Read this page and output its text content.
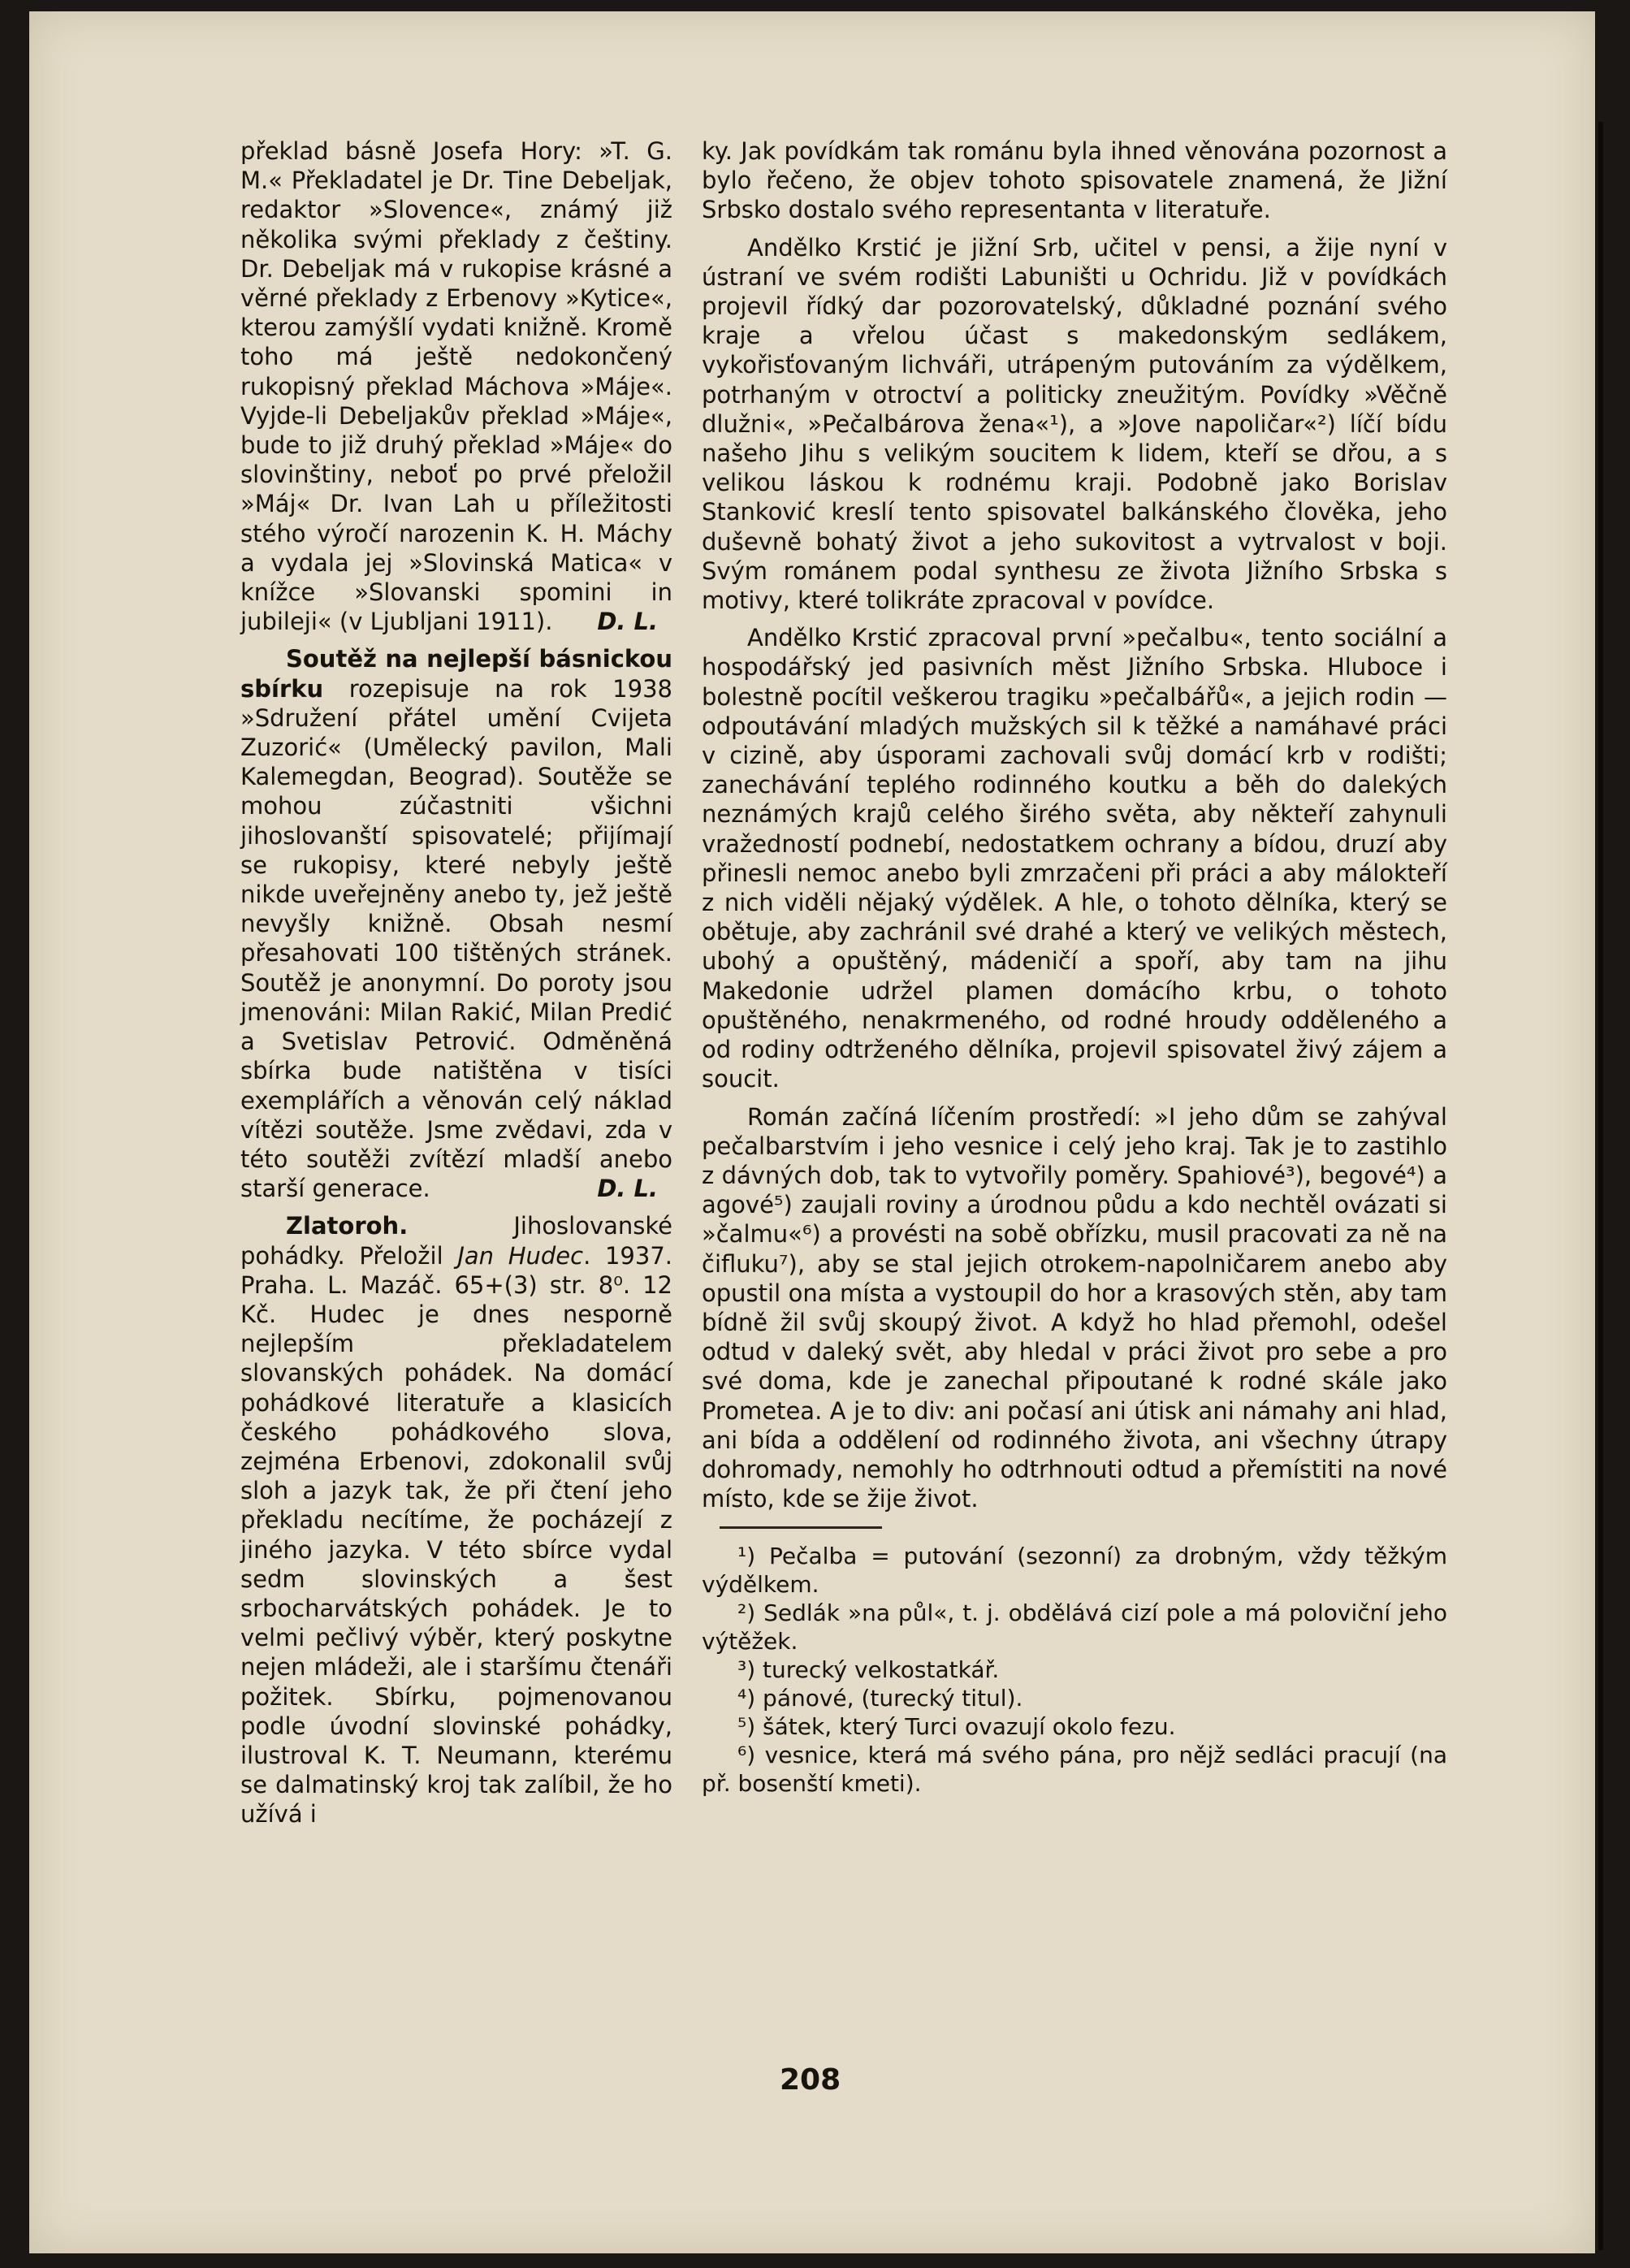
překlad básně Josefa Hory: »T. G. M.« Překladatel je Dr. Tine Debeljak, redaktor »Slovence«, známý již několika svými překlady z češtiny. Dr. Debeljak má v rukopise krásné a věrné překlady z Erbenovy »Kytice«, kterou zamýšlí vydati knižně. Kromě toho má ještě nedokončený rukopisný překlad Máchova »Máje«. Vyjde-li Debeljakův překlad »Máje«, bude to již druhý překlad »Máje« do slovinštiny, neboť po prvé přeložil »Máj« Dr. Ivan Lah u příležitosti stého výročí narozenin K. H. Máchy a vydala jej »Slovinská Matica« v knížce »Slovanski spomini in jubileji« (v Ljubljani 1911). D. L.

Soutěž na nejlepší básnickou sbírku rozepisuje na rok 1938 »Sdružení přátel umění Cvijeta Zuzorić« (Umělecký pavilon, Mali Kalemegdan, Beograd). Soutěže se mohou zúčastniti všichni jihoslovanští spisovatelé; přijímají se rukopisy, které nebyly ještě nikde uveřejněny anebo ty, jež ještě nevyšly knižně. Obsah nesmí přesahovati 100 tištěných stránek. Soutěž je anonymní. Do poroty jsou jmenováni: Milan Rakić, Milan Predić a Svetislav Petrović. Odměněná sbírka bude natištěna v tisíci exemplářích a věnován celý náklad vítězi soutěže. Jsme zvědavi, zda v této soutěži zvítězí mladší anebo starší generace.	D. L.

Zlatoroh. Jihoslovanské pohádky. Přeložil Jan Hudec. 1937. Praha. L. Mazáč. 65+(3) str. 8⁰. 12 Kč. Hudec je dnes nesporně nejlepším překladatelem slovanských pohádek. Na domácí pohádkové literatuře a klasicích českého pohádkového slova, zejména Erbenovi, zdokonalil svůj sloh a jazyk tak, že při čtení jeho překladu necítíme, že pocházejí z jiného jazyka. V této sbírce vydal sedm slovinských a šest srbocharvátských pohádek. Je to velmi pečlivý výběr, který poskytne nejen mládeži, ale i staršímu čtenáři požitek. Sbírku, pojmenovanou podle úvodní slovinské pohádky, ilustroval K. T. Neumann, kterému se dalmatinský kroj tak zalíbil, že ho užívá i

ky. Jak povídkám tak románu byla ihned věnována pozornost a bylo řečeno, že objev tohoto spisovatele znamená, že Jižní Srbsko dostalo svého representanta v literatuře.

Andělko Krstić je jižní Srb, učitel v pensi, a žije nyní v ústraní ve svém rodišti Labuništi u Ochridu. Již v povídkách projevil řídký dar pozorovatelský, důkladné poznání svého kraje a vřelou účast s makedonským sedlákem, vykořisťovaným lichváři, utrápeným putováním za výdělkem, potrhaným v otroctví a politicky zneužitým. Povídky »Věčně dlužni«, »Pečalbárova žena«¹), a »Jove napoličar«²) líčí bídu našeho Jihu s velikým soucitem k lidem, kteří se dřou, a s velikou láskou k rodnému kraji. Podobně jako Borislav Stanković kreslí tento spisovatel balkánského člověka, jeho duševně bohatý život a jeho sukovitost a vytrvalost v boji. Svým románem podal synthesu ze života Jižního Srbska s motivy, které tolikráte zpracoval v povídce.

Andělko Krstić zpracoval první »pečalbu«, tento sociální a hospodářský jed pasivních měst Jižního Srbska. Hluboce i bolestně pocítil veškerou tragiku »pečalbářů«, a jejich rodin — odpoutávání mladých mužských sil k těžké a namáhavé práci v cizině, aby úsporami zachovali svůj domácí krb v rodišti; zanechávání teplého rodinného koutku a běh do dalekých neznámých krajů celého širého světa, aby někteří zahynuli vražedností podnebí, nedostatkem ochrany a bídou, druzí aby přinesli nemoc anebo byli zmrzačeni při práci a aby málokteří z nich viděli nějaký výdělek. A hle, o tohoto dělníka, který se obětuje, aby zachránil své drahé a který ve velikých městech, ubohý a opuštěný, mádeničí a spoří, aby tam na jihu Makedonie udržel plamen domácího krbu, o tohoto opuštěného, nenakrmeného, od rodné hroudy odděleného a od rodiny odtrženého dělníka, projevil spisovatel živý zájem a soucit.

Román začíná líčením prostředí: »I jeho dům se zahýval pečalbarstvím i jeho vesnice i celý jeho kraj. Tak je to zastihlo z dávných dob, tak to vytvořily poměry. Spahiové³), begové⁴) a agové⁵) zaujali roviny a úrodnou půdu a kdo nechtěl ovázati si »čalmu«⁶) a provésti na sobě obřízku, musil pracovati za ně na čifluku⁷), aby se stal jejich otrokem-napolničarem anebo aby opustil ona místa a vystoupil do hor a krasových stěn, aby tam bídně žil svůj skoupý život. A když ho hlad přemohl, odešel odtud v daleký svět, aby hledal v práci život pro sebe a pro své doma, kde je zanechal připoutané k rodné skále jako Prometea. A je to div: ani počasí ani útisk ani námahy ani hlad, ani bída a oddělení od rodinného života, ani všechny útrapy dohromady, nemohly ho odtrhnouti odtud a přemístiti na nové místo, kde se žije život.

¹) Pečalba = putování (sezonní) za drobným, vždy těžkým výdělkem.

²) Sedlák »na půl«, t. j. obdělává cizí pole a má poloviční jeho výtěžek.

³) turecký velkostatkář.

⁴) pánové, (turecký titul).

⁵) šátek, který Turci ovazují okolo fezu.

⁶) vesnice, která má svého pána, pro nějž sedláci pracují (na př. bosenští kmeti).

208
